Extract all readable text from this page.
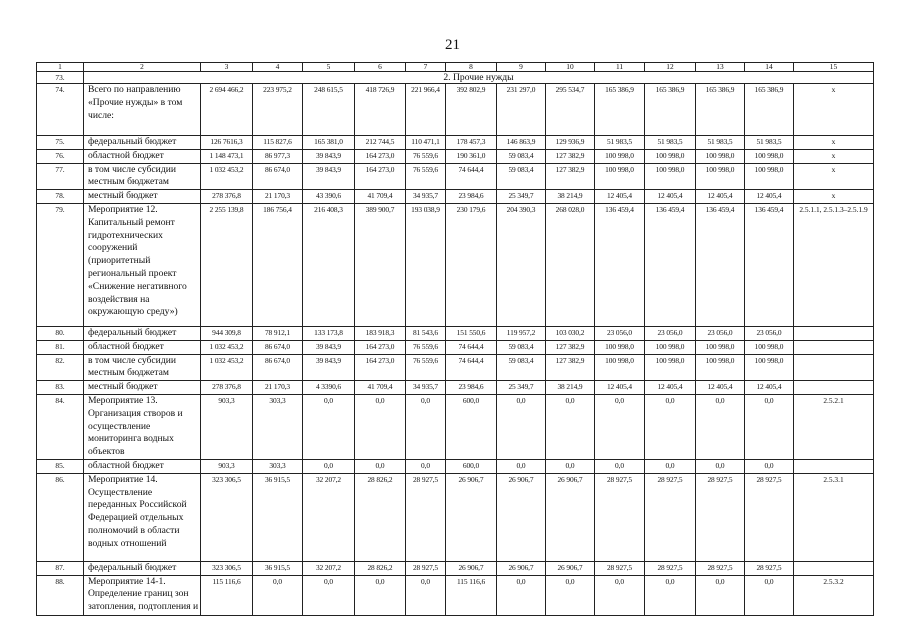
21
1	2	3	4	5	6	7	8	9	10	11	12	13	14	15
73.	2. Прочие нужды													
74.	Всего по направлению «Прочие нужды» в том числе:	2 694 466,2	223 975,2	248 615,5	418 726,9	221 966,4	392 802,9	231 297,0	295 534,7	165 386,9	165 386,9	165 386,9	165 386,9	x
75.	федеральный бюджет	126 7616,3	115 827,6	165 381,0	212 744,5	110 471,1	178 457,3	146 863,9	129 936,9	51 983,5	51 983,5	51 983,5	51 983,5	x
76.	областной бюджет	1 148 473,1	86 977,3	39 843,9	164 273,0	76 559,6	190 361,0	59 083,4	127 382,9	100 998,0	100 998,0	100 998,0	100 998,0	x
77.	в том числе субсидии местным бюджетам	1 032 453,2	86 674,0	39 843,9	164 273,0	76 559,6	74 644,4	59 083,4	127 382,9	100 998,0	100 998,0	100 998,0	100 998,0	x
78.	местный бюджет	278 376,8	21 170,3	43 390,6	41 709,4	34 935,7	23 984,6	25 349,7	38 214,9	12 405,4	12 405,4	12 405,4	12 405,4	x
79.	Мероприятие 12. Капитальный ремонт гидротехнических сооружений (приоритетный региональный проект «Снижение негативного воздействия на окружающую среду»)	2 255 139,8	186 756,4	216 408,3	389 900,7	193 038,9	230 179,6	204 390,3	268 028,0	136 459,4	136 459,4	136 459,4	136 459,4	2.5.1.1, 2.5.1.3–2.5.1.9
80.	федеральный бюджет	944 309,8	78 912,1	133 173,8	183 918,3	81 543,6	151 550,6	119 957,2	103 030,2	23 056,0	23 056,0	23 056,0	23 056,0	
81.	областной бюджет	1 032 453,2	86 674,0	39 843,9	164 273,0	76 559,6	74 644,4	59 083,4	127 382,9	100 998,0	100 998,0	100 998,0	100 998,0	
82.	в том числе субсидии местным бюджетам	1 032 453,2	86 674,0	39 843,9	164 273,0	76 559,6	74 644,4	59 083,4	127 382,9	100 998,0	100 998,0	100 998,0	100 998,0	
83.	местный бюджет	278 376,8	21 170,3	4 3390,6	41 709,4	34 935,7	23 984,6	25 349,7	38 214,9	12 405,4	12 405,4	12 405,4	12 405,4	
84.	Мероприятие 13. Организация створов и осуществление мониторинга водных объектов	903,3	303,3	0,0	0,0	0,0	600,0	0,0	0,0	0,0	0,0	0,0	0,0	2.5.2.1
85.	областной бюджет	903,3	303,3	0,0	0,0	0,0	600,0	0,0	0,0	0,0	0,0	0,0	0,0	
86.	Мероприятие 14. Осуществление переданных Российской Федерацией отдельных полномочий в области водных отношений	323 306,5	36 915,5	32 207,2	28 826,2	28 927,5	26 906,7	26 906,7	26 906,7	28 927,5	28 927,5	28 927,5	28 927,5	2.5.3.1
87.	федеральный бюджет	323 306,5	36 915,5	32 207,2	28 826,2	28 927,5	26 906,7	26 906,7	26 906,7	28 927,5	28 927,5	28 927,5	28 927,5	
88.	Мероприятие 14-1. Определение границ зон затопления, подтопления и	115 116,6	0,0	0,0	0,0	0,0	115 116,6	0,0	0,0	0,0	0,0	0,0	0,0	2.5.3.2
